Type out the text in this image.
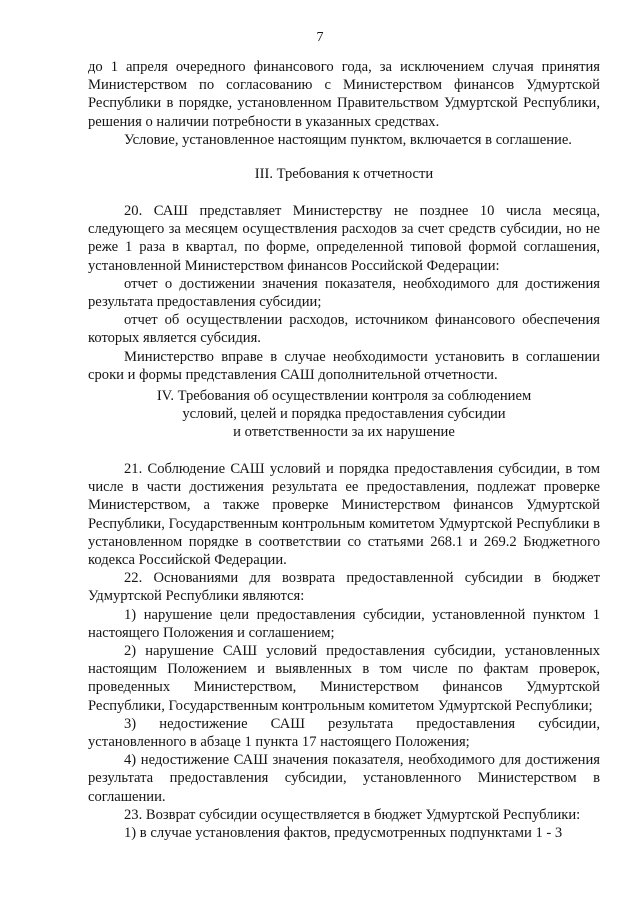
7

до 1 апреля очередного финансового года, за исключением случая принятия Министерством по согласованию с Министерством финансов Удмуртской Республики в порядке, установленном Правительством Удмуртской Республики, решения о наличии потребности в указанных средствах.

Условие, установленное настоящим пунктом, включается в соглашение.

III. Требования к отчетности

20. САШ представляет Министерству не позднее 10 числа месяца, следующего за месяцем осуществления расходов за счет средств субсидии, но не реже 1 раза в квартал, по форме, определенной типовой формой соглашения, установленной Министерством финансов Российской Федерации:

отчет о достижении значения показателя, необходимого для достижения результата предоставления субсидии;

отчет об осуществлении расходов, источником финансового обеспечения которых является субсидия.

Министерство вправе в случае необходимости установить в соглашении сроки и формы представления САШ дополнительной отчетности.

IV. Требования об осуществлении контроля за соблюдением
условий, целей и порядка предоставления субсидии
и ответственности за их нарушение

21. Соблюдение САШ условий и порядка предоставления субсидии, в том числе в части достижения результата ее предоставления, подлежат проверке Министерством, а также проверке Министерством финансов Удмуртской Республики, Государственным контрольным комитетом Удмуртской Республики в установленном порядке в соответствии со статьями 268.1 и 269.2 Бюджетного кодекса Российской Федерации.

22. Основаниями для возврата предоставленной субсидии в бюджет Удмуртской Республики являются:

1) нарушение цели предоставления субсидии, установленной пунктом 1 настоящего Положения и соглашением;

2) нарушение САШ условий предоставления субсидии, установленных настоящим Положением и выявленных в том числе по фактам проверок, проведенных Министерством, Министерством финансов Удмуртской Республики, Государственным контрольным комитетом Удмуртской Республики;

3) недостижение САШ результата предоставления субсидии, установленного в абзаце 1 пункта 17 настоящего Положения;

4) недостижение САШ значения показателя, необходимого для достижения результата предоставления субсидии, установленного Министерством в соглашении.

23. Возврат субсидии осуществляется в бюджет Удмуртской Республики:

1) в случае установления фактов, предусмотренных подпунктами 1 - 3
